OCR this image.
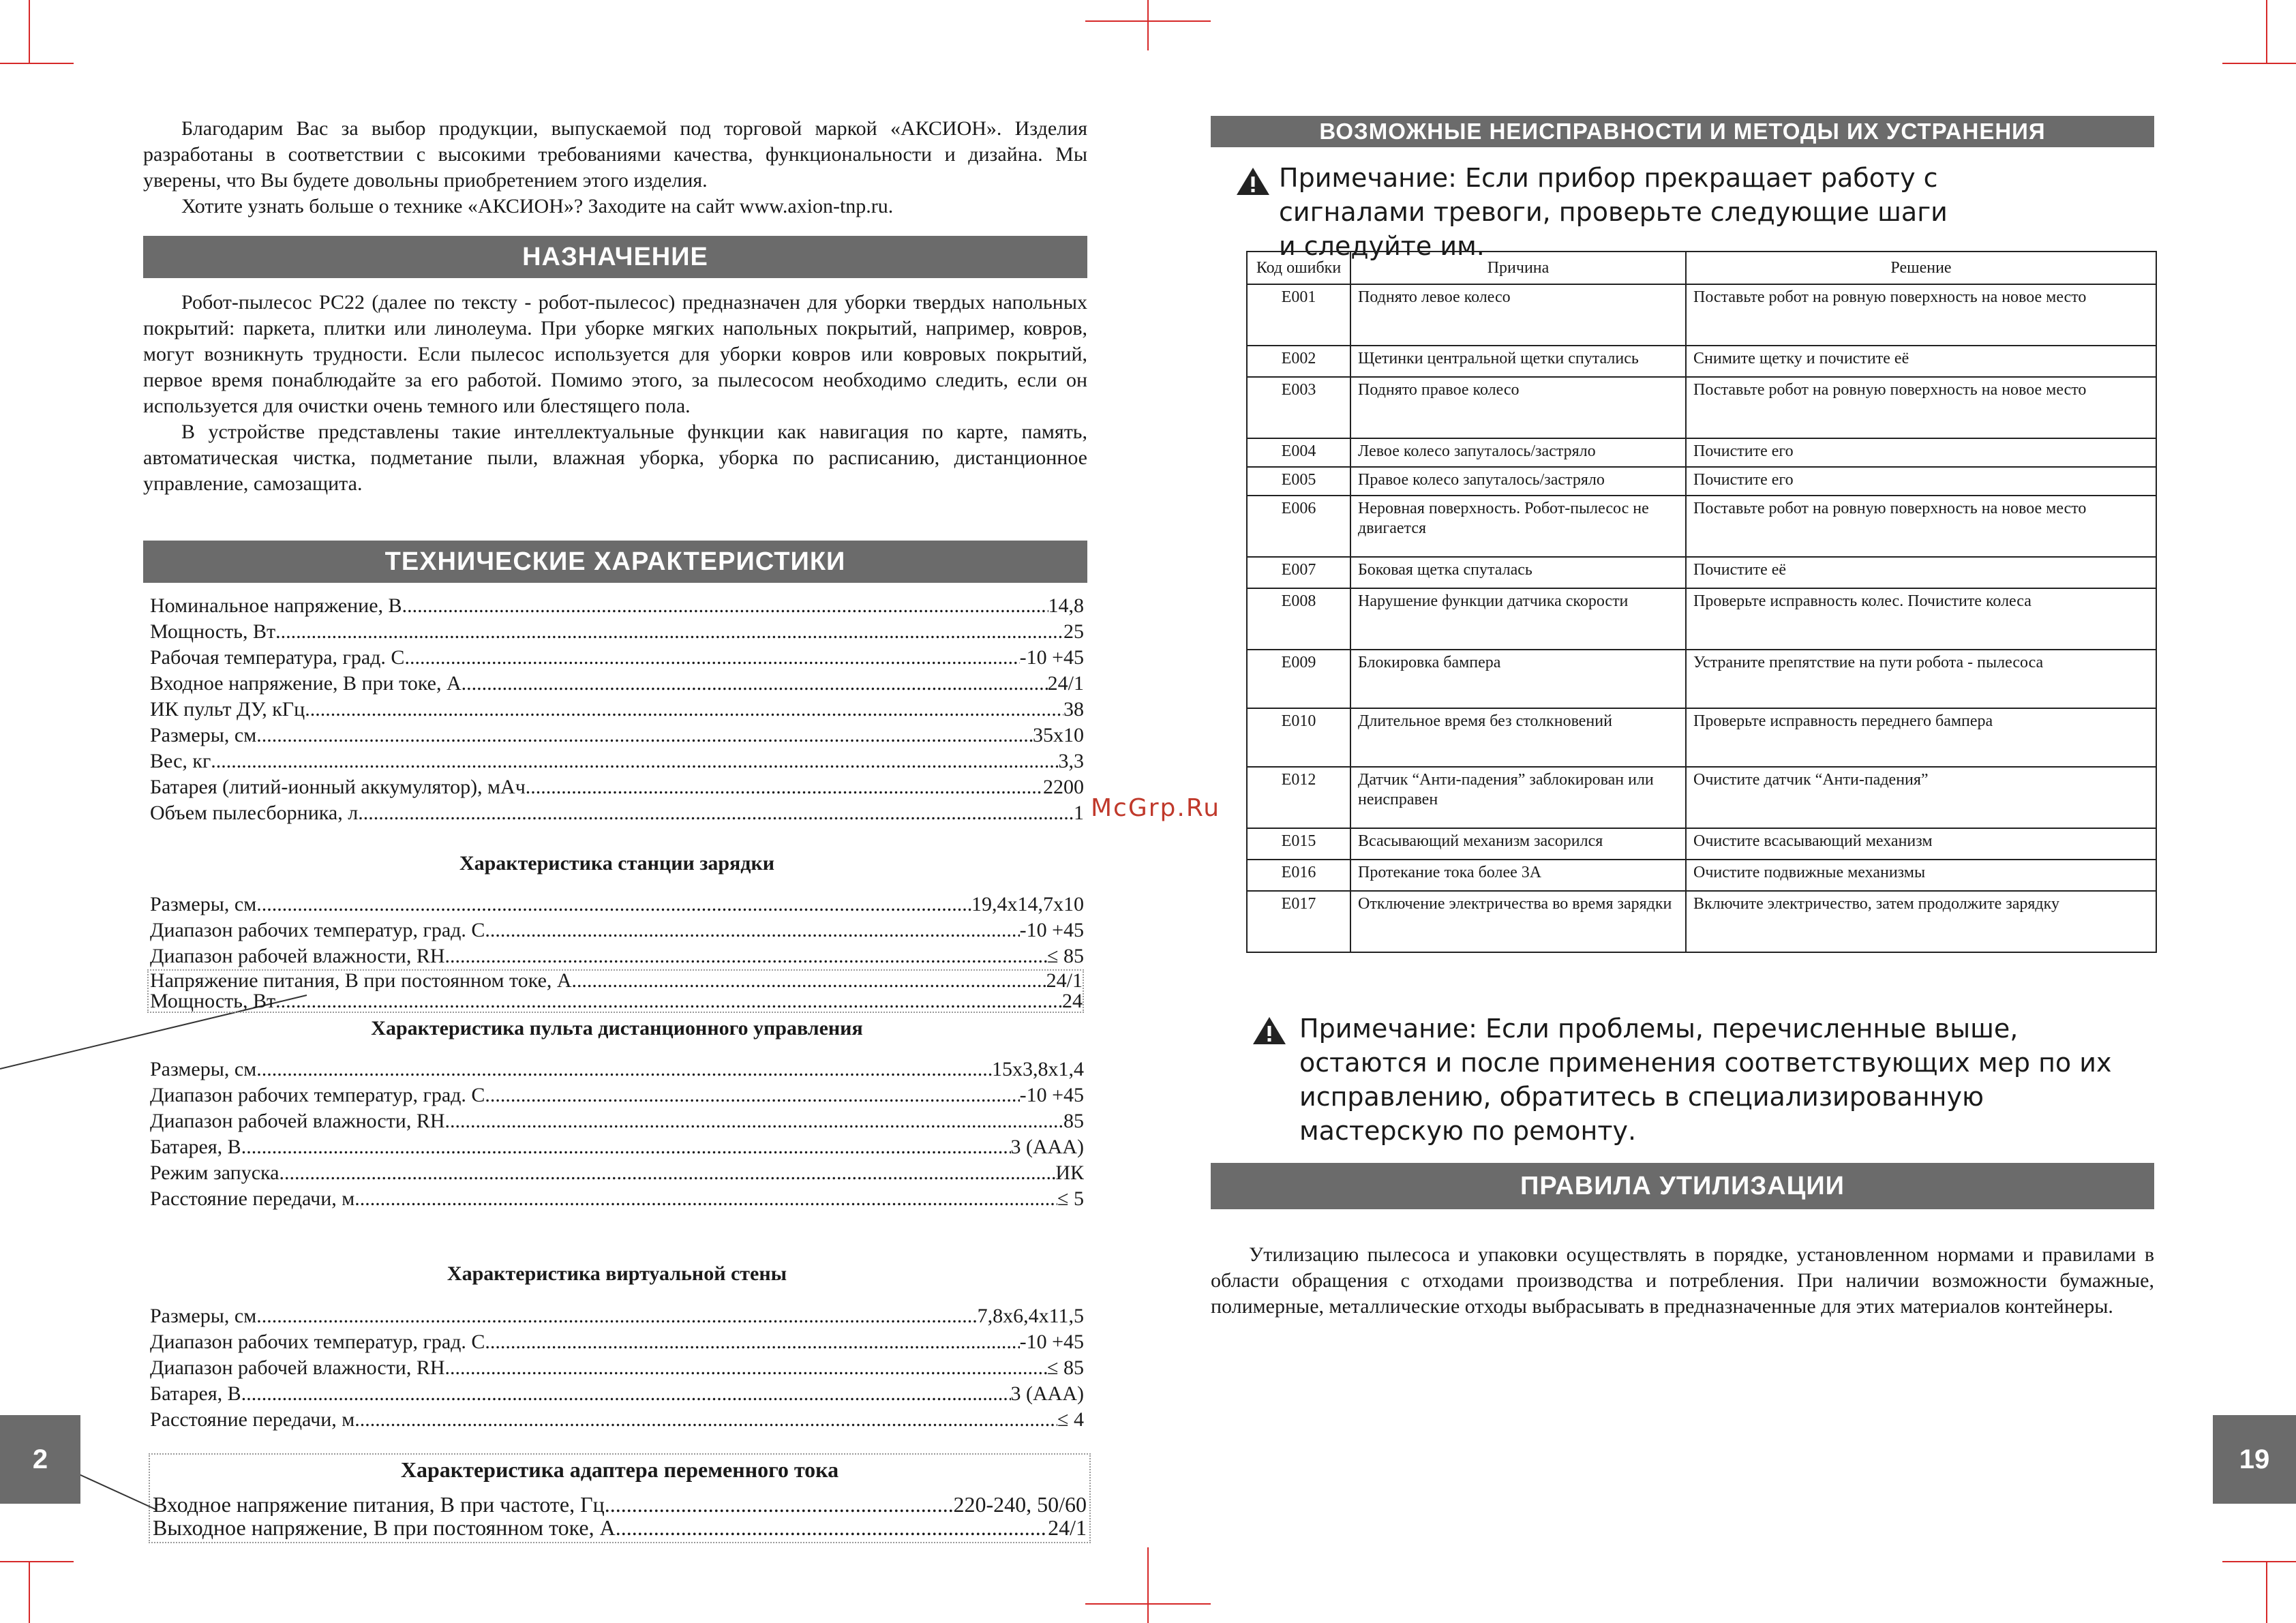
Благодарим Вас за выбор продукции, выпускаемой под торговой маркой «АКСИОН». Изделия разработаны в соответствии с высокими требованиями качества, функциональности и дизайна. Мы уверены, что Вы будете довольны приобретением этого изделия.

Хотите узнать больше о технике «АКСИОН»? Заходите на сайт www.axion-tnp.ru.

НАЗНАЧЕНИЕ

Робот-пылесос РС22 (далее по тексту - робот-пылесос) предназначен для уборки твердых напольных покрытий: паркета, плитки или линолеума. При уборке мягких напольных покрытий, например, ковров, могут возникнуть трудности. Если пылесос используется для уборки ковров или ковровых покрытий, первое время понаблюдайте за его работой. Помимо этого, за пылесосом необходимо следить, если он используется для очистки очень темного или блестящего пола.

В устройстве представлены такие интеллектуальные функции как навигация по карте, память, автоматическая чистка, подметание пыли, влажная уборка, уборка по расписанию, дистанционное управление, самозащита.

ТЕХНИЧЕСКИЕ ХАРАКТЕРИСТИКИ
Номинальное напряжение, В .....	14,8
Мощность, Вт .....	25
Рабочая температура, град. С .....	-10 +45
Входное напряжение, В при токе, А .....	24/1
ИК пульт ДУ, кГц .....	38
Размеры, см .....	35х10
Вес, кг .....	3,3
Батарея (литий-ионный аккумулятор), мАч .....	2200
Объем пылесборника, л .....	1 McGrp.Ru
Характеристика станции зарядки
Размеры, см .....	19,4х14,7х10
Диапазон рабочих температур, град. С .....	-10 +45
Диапазон рабочей влажности, RH .....	≤ 85
Напряжение питания, В при постоянном токе, А .....	24/1
Мощность, Вт .....	24
Характеристика пульта дистанционного управления
Размеры, см .....	15х3,8х1,4
Диапазон рабочих температур, град. С .....	-10 +45
Диапазон рабочей влажности, RH .....	85
Батарея, В .....	3 (ААА)
Режим запуска .....	ИК
Расстояние передачи, м .....	≤ 5
Характеристика виртуальной стены
Размеры, см .....	7,8х6,4х11,5
Диапазон рабочих температур, град. С .....	-10 +45
Диапазон рабочей влажности, RH .....	≤ 85
Батарея, В .....	3 (ААА)
Расстояние передачи, м .....	≤ 4
Характеристика адаптера переменного тока
Входное напряжение питания, В при частоте, Гц .....	220-240, 50/60
Выходное напряжение, В при постоянном токе, А .....	24/1
2
ВОЗМОЖНЫЕ НЕИСПРАВНОСТИ И МЕТОДЫ ИХ УСТРАНЕНИЯ
Примечание: Если прибор прекращает работу с сигналами тревоги, проверьте следующие шаги и следуйте им.
Код ошибки	Причина	Решение
E001	Поднято левое колесо	Поставьте робот на ровную поверхность на новое место
E002	Щетинки центральной щетки спутались	Снимите щетку и почистите её
E003	Поднято правое колесо	Поставьте робот на ровную поверхность на новое место
E004	Левое колесо запуталось/застряло	Почистите его
E005	Правое колесо запуталось/застряло	Почистите его
E006	Неровная поверхность. Робот-пылесос не двигается	Поставьте робот на ровную поверхность на новое место
E007	Боковая щетка спуталась	Почистите её
E008	Нарушение функции датчика скорости	Проверьте исправность колес. Почистите колеса
E009	Блокировка бампера	Устраните препятствие на пути робота - пылесоса
E010	Длительное время без столкновений	Проверьте исправность переднего бампера
E012	Датчик “Анти-падения” заблокирован или неисправен	Очистите датчик “Анти-падения”
E015	Всасывающий механизм засорился	Очистите всасывающий механизм
E016	Протекание тока более 3А	Очистите подвижные механизмы
E017	Отключение электричества во время зарядки	Включите электричество, затем продолжите зарядку
Примечание: Если проблемы, перечисленные выше, остаются и после применения соответствующих мер по их исправлению, обратитесь в специализированную мастерскую по ремонту.
ПРАВИЛА УТИЛИЗАЦИИ

Утилизацию пылесоса и упаковки осуществлять в порядке, установленном нормами и правилами в области обращения с отходами производства и потребления. При наличии возможности бумажные, полимерные, металлические отходы выбрасывать в предназначенные для этих материалов контейнеры.

19
